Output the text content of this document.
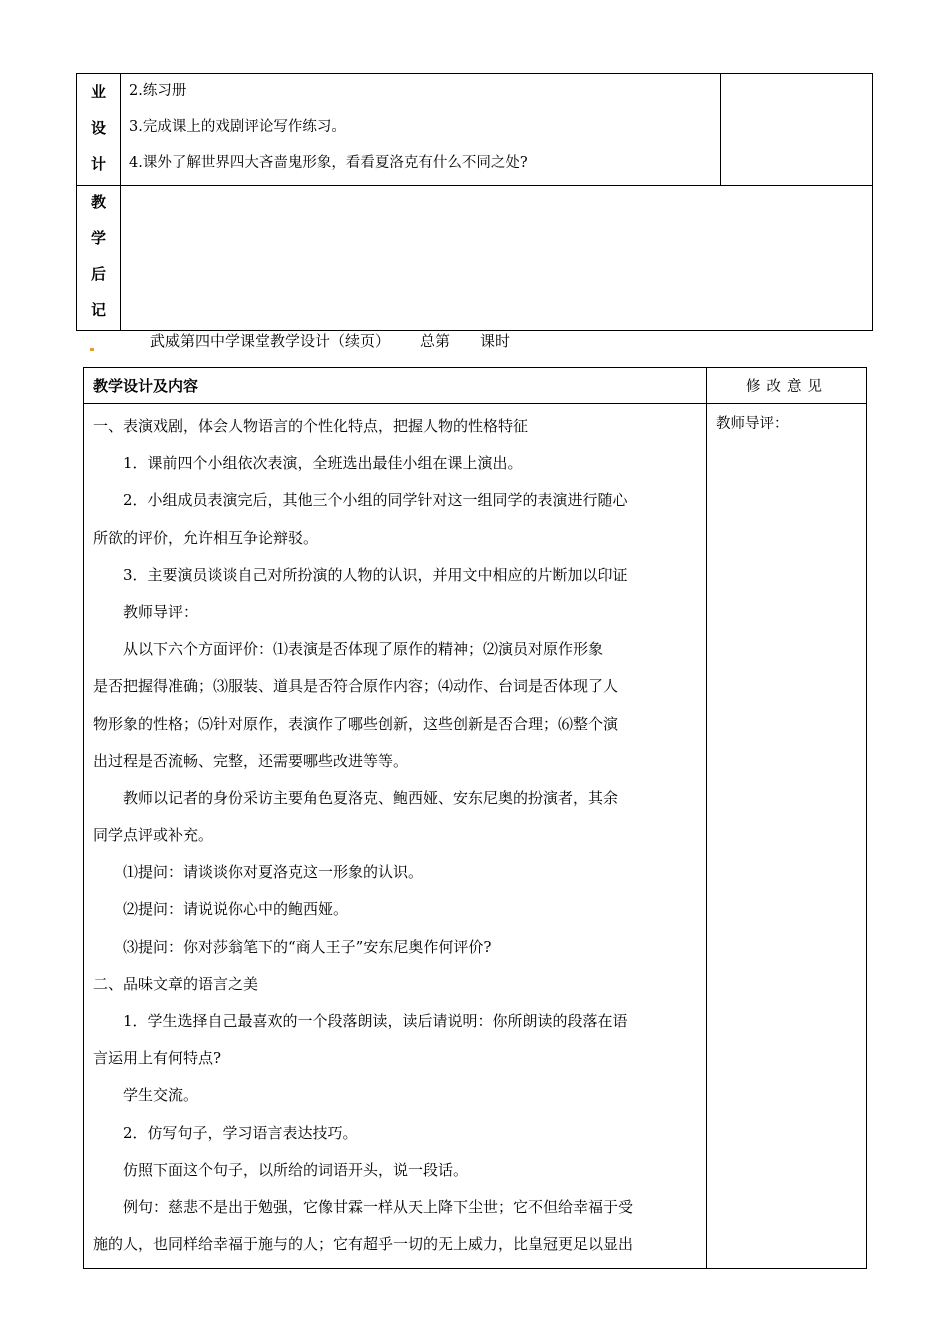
业
设
计
2.练习册
3.完成课上的戏剧评论写作练习。
4.课外了解世界四大吝啬鬼形象，看看夏洛克有什么不同之处?
教
学
后
记
武威第四中学课堂教学设计（续页） 总第 课时
教学设计及内容	修改意见
教师导评：

一、表演戏剧，体会人物语言的个性化特点，把握人物的性格特征

1．课前四个小组依次表演，全班选出最佳小组在课上演出。

2．小组成员表演完后，其他三个小组的同学针对这一组同学的表演进行随心

所欲的评价，允许相互争论辩驳。

3．主要演员谈谈自己对所扮演的人物的认识，并用文中相应的片断加以印证

教师导评：

从以下六个方面评价：⑴表演是否体现了原作的精神；⑵演员对原作形象

是否把握得准确；⑶服装、道具是否符合原作内容；⑷动作、台词是否体现了人

物形象的性格；⑸针对原作，表演作了哪些创新，这些创新是否合理；⑹整个演

出过程是否流畅、完整，还需要哪些改进等等。

教师以记者的身份采访主要角色夏洛克、鲍西娅、安东尼奥的扮演者，其余

同学点评或补充。

⑴提问：请谈谈你对夏洛克这一形象的认识。

⑵提问：请说说你心中的鲍西娅。

⑶提问：你对莎翁笔下的“商人王子”安东尼奥作何评价?

二、品味文章的语言之美

1．学生选择自己最喜欢的一个段落朗读，读后请说明：你所朗读的段落在语

言运用上有何特点?

学生交流。

2．仿写句子，学习语言表达技巧。

仿照下面这个句子，以所给的词语开头，说一段话。

例句：慈悲不是出于勉强，它像甘霖一样从天上降下尘世；它不但给幸福于受

施的人，也同样给幸福于施与的人；它有超乎一切的无上威力，比皇冠更足以显出
